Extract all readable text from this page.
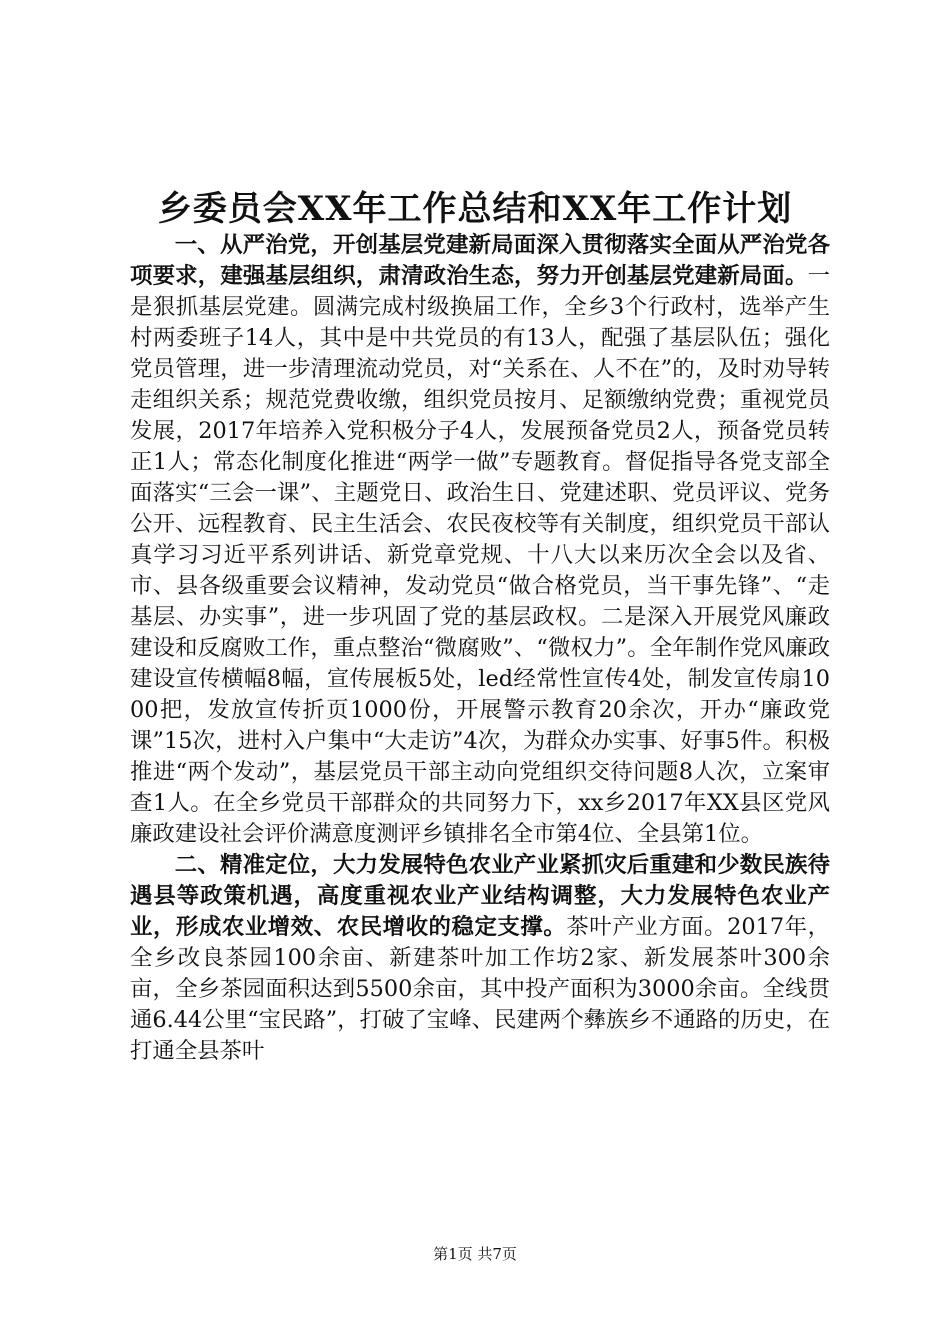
乡委员会XX年工作总结和XX年工作计划

一、从严治党，开创基层党建新局面深入贯彻落实全面从严治党各项要求，建强基层组织，肃清政治生态，努力开创基层党建新局面。一是狠抓基层党建。圆满完成村级换届工作，全乡3个行政村，选举产生村两委班子14人，其中是中共党员的有13人，配强了基层队伍；强化党员管理，进一步清理流动党员，对“关系在、人不在”的，及时劝导转走组织关系；规范党费收缴，组织党员按月、足额缴纳党费；重视党员发展，2017年培养入党积极分子4人，发展预备党员2人，预备党员转正1人；常态化制度化推进“两学一做”专题教育。督促指导各党支部全面落实“三会一课”、主题党日、政治生日、党建述职、党员评议、党务公开、远程教育、民主生活会、农民夜校等有关制度，组织党员干部认真学习习近平系列讲话、新党章党规、十八大以来历次全会以及省、市、县各级重要会议精神，发动党员“做合格党员，当干事先锋”、“走基层、办实事”，进一步巩固了党的基层政权。二是深入开展党风廉政建设和反腐败工作，重点整治“微腐败”、“微权力”。全年制作党风廉政建设宣传横幅8幅，宣传展板5处，led经常性宣传4处，制发宣传扇1000把，发放宣传折页1000份，开展警示教育20余次，开办“廉政党课”15次，进村入户集中“大走访”4次，为群众办实事、好事5件。积极推进“两个发动”，基层党员干部主动向党组织交待问题8人次，立案审查1人。在全乡党员干部群众的共同努力下，xx乡2017年XX县区党风廉政建设社会评价满意度测评乡镇排名全市第4位、全县第1位。

二、精准定位，大力发展特色农业产业紧抓灾后重建和少数民族待遇县等政策机遇，高度重视农业产业结构调整，大力发展特色农业产业，形成农业增效、农民增收的稳定支撑。茶叶产业方面。2017年，全乡改良茶园100余亩、新建茶叶加工作坊2家、新发展茶叶300余亩，全乡茶园面积达到5500余亩，其中投产面积为3000余亩。全线贯通6.44公里“宝民路”，打破了宝峰、民建两个彝族乡不通路的历史，在打通全县茶叶

第1页 共7页
